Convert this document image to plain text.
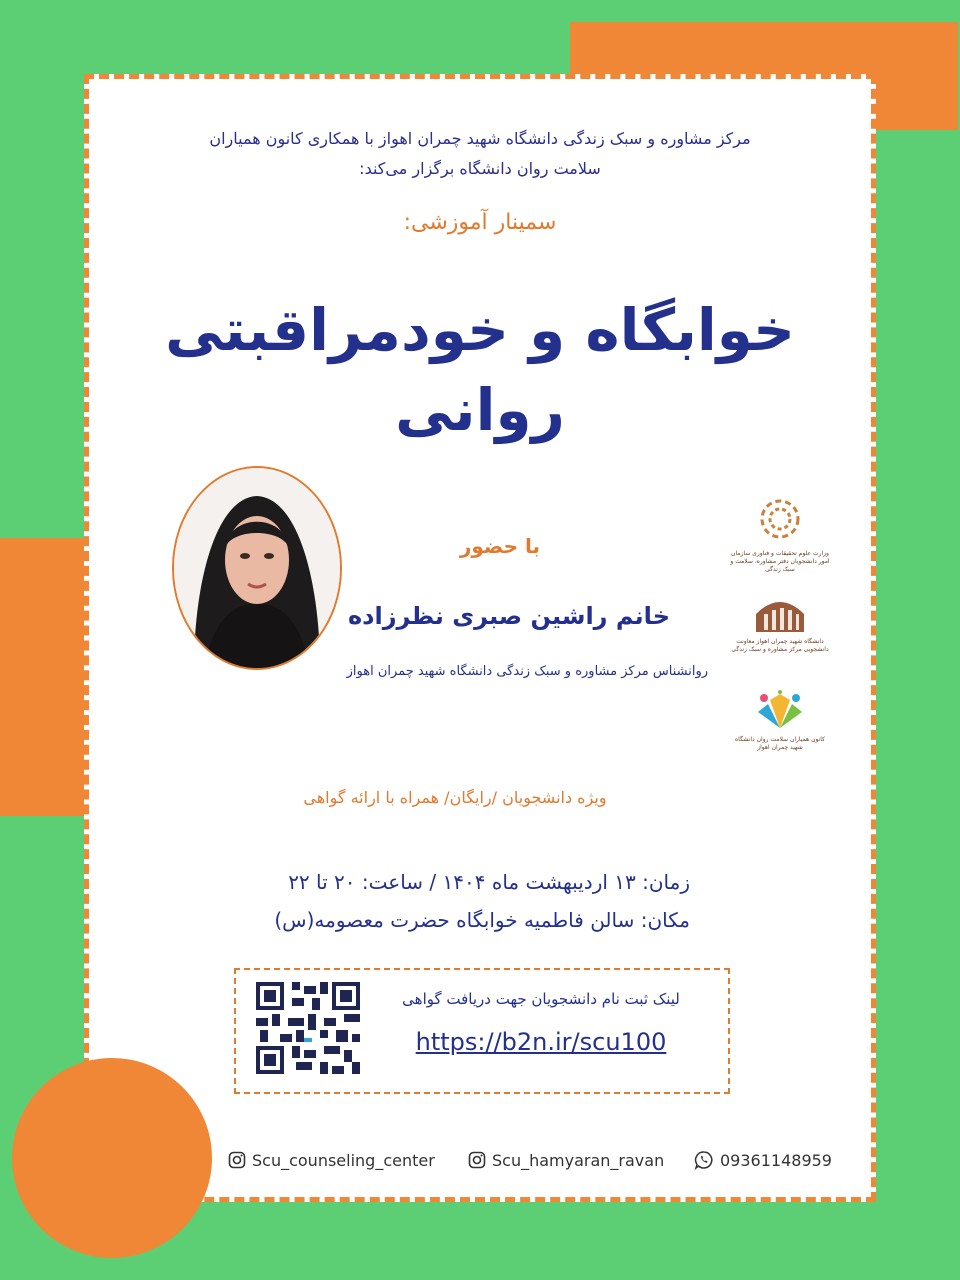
مرکز مشاوره و سبک زندگی دانشگاه شهید چمران اهواز با همکاری کانون همیاران
سلامت روان دانشگاه برگزار می‌کند:
سمینار آموزشی:
خوابگاه و خودمراقبتی روانی
با حضور
خانم راشین صبری نظرزاده
روانشناس مرکز مشاوره و سبک زندگی دانشگاه شهید چمران اهواز
وزارت علوم تحقیقات و فناوری سازمان امور دانشجویان دفتر مشاوره، سلامت و سبک زندگی
دانشگاه شهید چمران اهواز معاونت دانشجویی مرکز مشاوره و سبک زندگی
کانون همیاران سلامت روان دانشگاه شهید چمران اهواز
ویژه دانشجویان /رایگان/ همراه با ارائه گواهی
زمان: ۱۳ اردیبهشت ماه ۱۴۰۴ / ساعت: ۲۰ تا ۲۲
مکان: سالن فاطمیه خوابگاه حضرت معصومه(س)
لینک ثبت نام دانشجویان جهت دریافت گواهی
https://b2n.ir/scu100
Scu_counseling_center	Scu_hamyaran_ravan	09361148959
